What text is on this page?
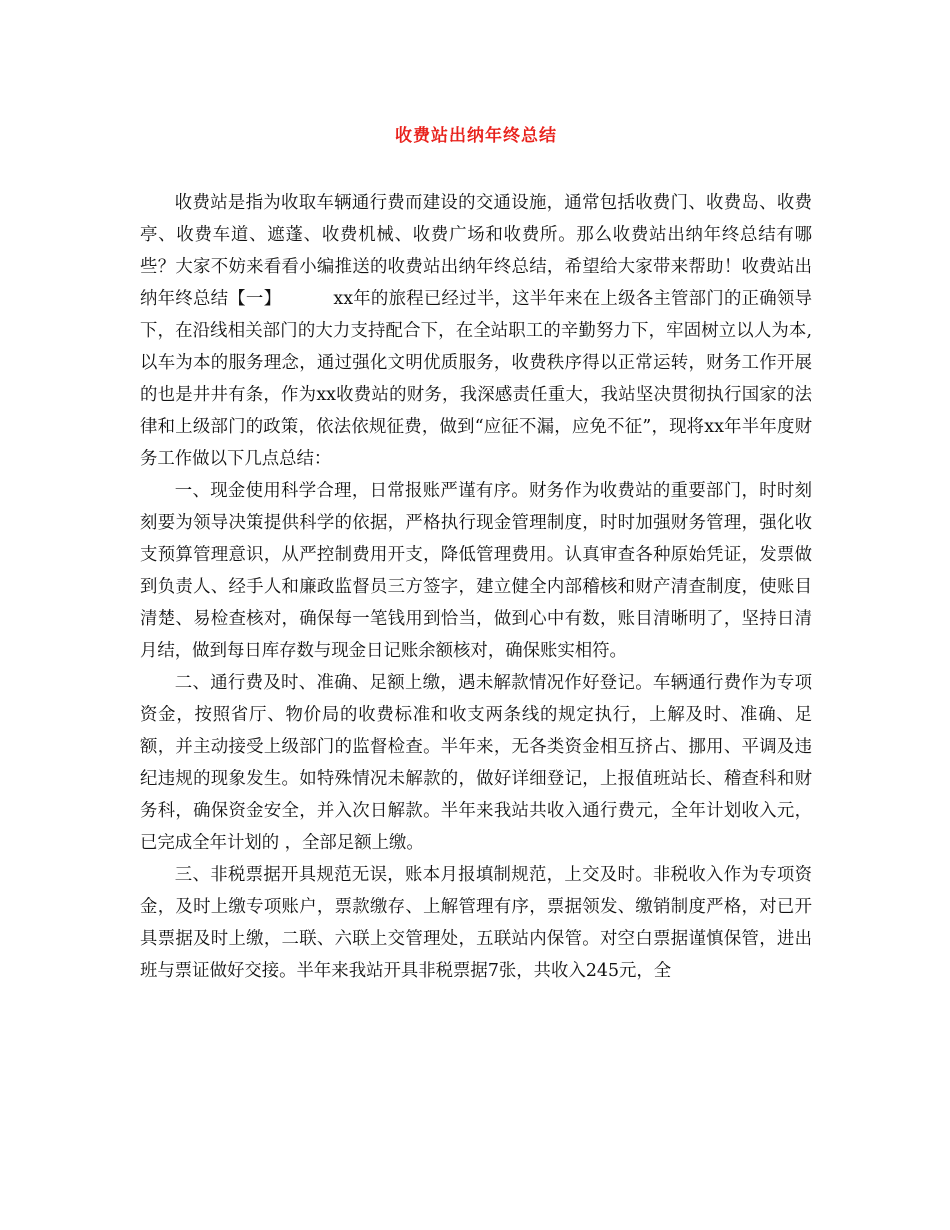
收费站出纳年终总结

收费站是指为收取车辆通行费而建设的交通设施，通常包括收费门、收费岛、收费亭、收费车道、遮蓬、收费机械、收费广场和收费所。那么收费站出纳年终总结有哪些？大家不妨来看看小编推送的收费站出纳年终总结，希望给大家带来帮助！收费站出纳年终总结【一】	xx年的旅程已经过半，这半年来在上级各主管部门的正确领导下，在沿线相关部门的大力支持配合下，在全站职工的辛勤努力下，牢固树立以人为本,以车为本的服务理念，通过强化文明优质服务，收费秩序得以正常运转，财务工作开展的也是井井有条，作为xx收费站的财务，我深感责任重大，我站坚决贯彻执行国家的法律和上级部门的政策，依法依规征费，做到“应征不漏，应免不征”，现将xx年半年度财务工作做以下几点总结：

一、现金使用科学合理，日常报账严谨有序。财务作为收费站的重要部门，时时刻刻要为领导决策提供科学的依据，严格执行现金管理制度，时时加强财务管理，强化收支预算管理意识，从严控制费用开支，降低管理费用。认真审查各种原始凭证，发票做到负责人、经手人和廉政监督员三方签字，建立健全内部稽核和财产清查制度，使账目清楚、易检查核对，确保每一笔钱用到恰当，做到心中有数，账目清晰明了，坚持日清月结，做到每日库存数与现金日记账余额核对，确保账实相符。

二、通行费及时、准确、足额上缴，遇未解款情况作好登记。车辆通行费作为专项资金，按照省厅、物价局的收费标准和收支两条线的规定执行，上解及时、准确、足额，并主动接受上级部门的监督检查。半年来，无各类资金相互挤占、挪用、平调及违纪违规的现象发生。如特殊情况未解款的，做好详细登记，上报值班站长、稽查科和财务科，确保资金安全，并入次日解款。半年来我站共收入通行费元，全年计划收入元，已完成全年计划的 ，全部足额上缴。

三、非税票据开具规范无误，账本月报填制规范，上交及时。非税收入作为专项资金，及时上缴专项账户，票款缴存、上解管理有序，票据领发、缴销制度严格，对已开具票据及时上缴，二联、六联上交管理处，五联站内保管。对空白票据谨慎保管，进出班与票证做好交接。半年来我站开具非税票据7张，共收入245元，全
